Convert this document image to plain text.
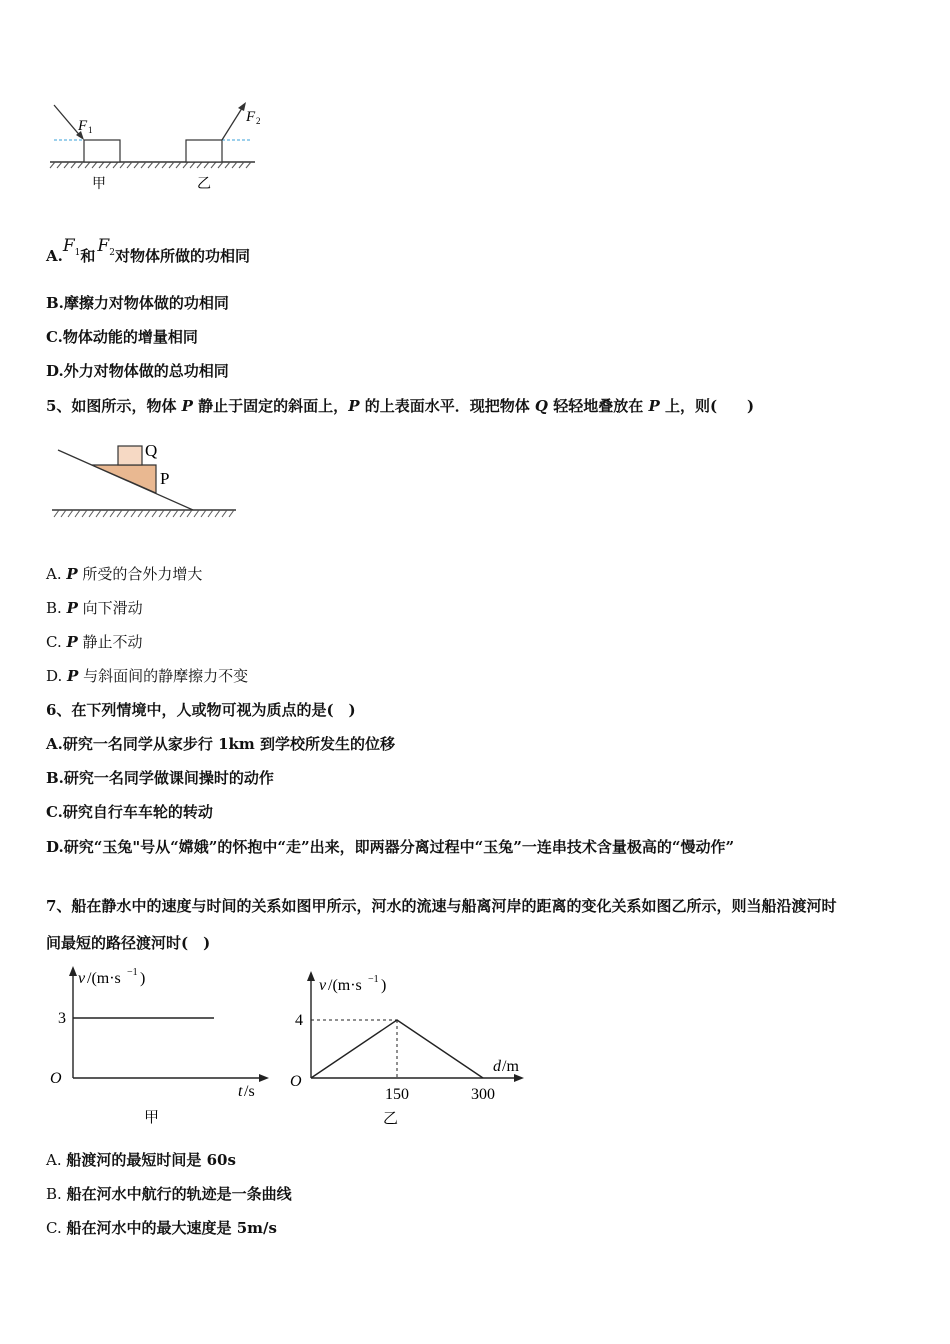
F 1
F 2
甲	乙
$A.F^1$和 $F^2$对物体所做的功相同
B.摩擦力对物体做的功相同
C.物体动能的增量相同
D.外力对物体做的总功相同
5、如图所示，物体 P 静止于固定的斜面上，P 的上表面水平．现把物体 Q 轻轻地叠放在 P 上，则(　　)
Q
P
A. P 所受的合外力增大
B. P 向下滑动
C. P 静止不动
D. P 与斜面间的静摩擦力不变
6、在下列情境中，人或物可视为质点的是(　)
A.研究一名同学从家步行 1km 到学校所发生的位移
B.研究一名同学做课间操时的动作
C.研究自行车车轮的转动
D.研究“玉兔"号从“嫦娥”的怀抱中“走”出来，即两器分离过程中“玉兔”一连串技术含量极高的“慢动作”
7、船在静水中的速度与时间的关系如图甲所示，河水的流速与船离河岸的距离的变化关系如图乙所示，则当船沿渡河时
间最短的路径渡河时(　)
v /(m·s −1 )
O
t /s
甲
3
v /(m·s −1 )
O
d /m
乙
4
150	300
A. 船渡河的最短时间是 60s
B. 船在河水中航行的轨迹是一条曲线
C. 船在河水中的最大速度是 5m/s
